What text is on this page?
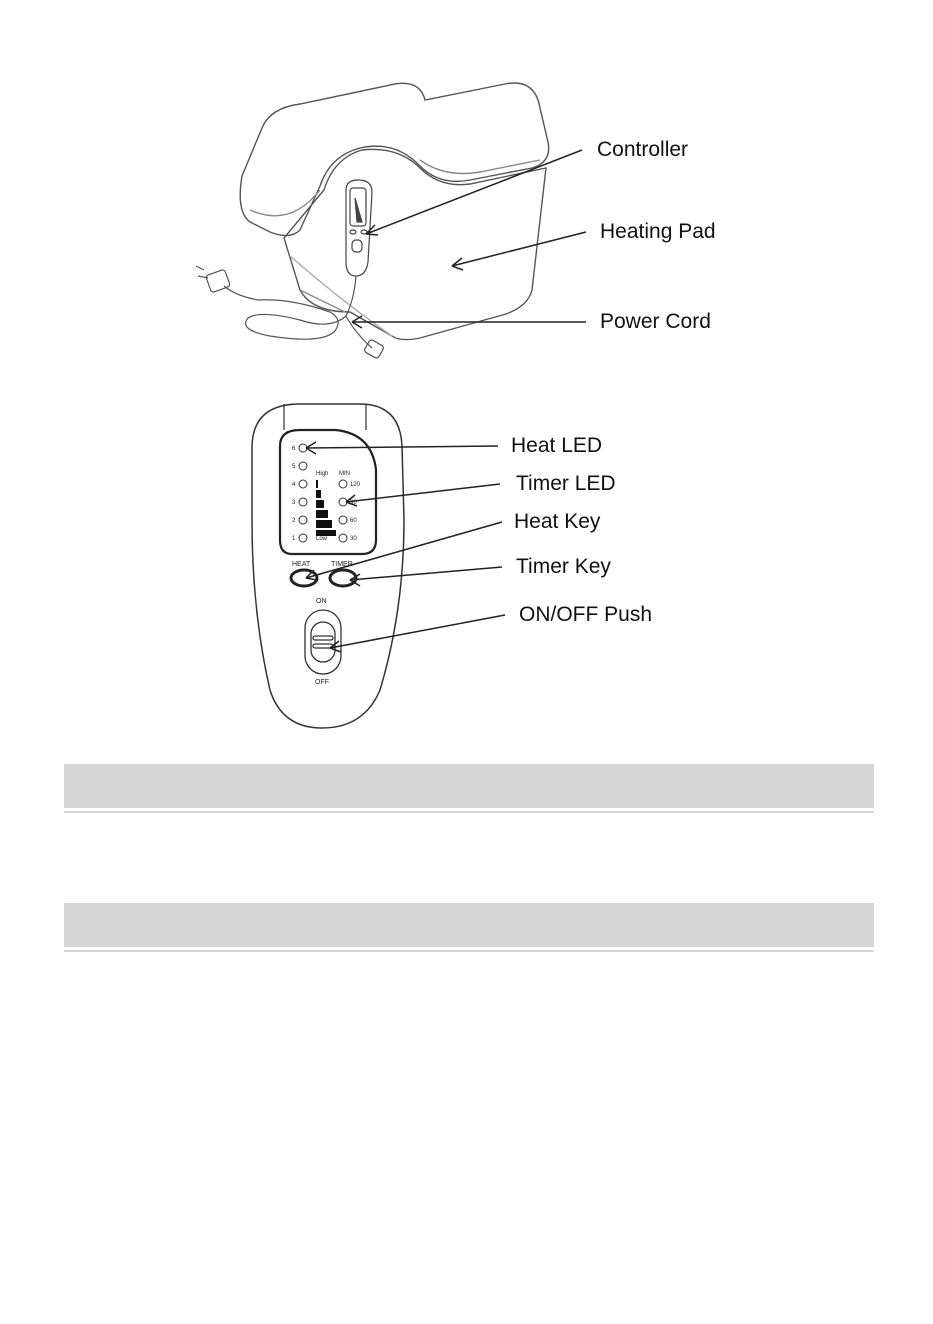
6
5
4
3
2
1
High
Low
MIN
120
90
60
30
HEAT	TIMER
ON
OFF
Controller
Heating Pad
Power Cord
Heat LED
Timer LED
Heat Key
Timer Key
ON/OFF Push
